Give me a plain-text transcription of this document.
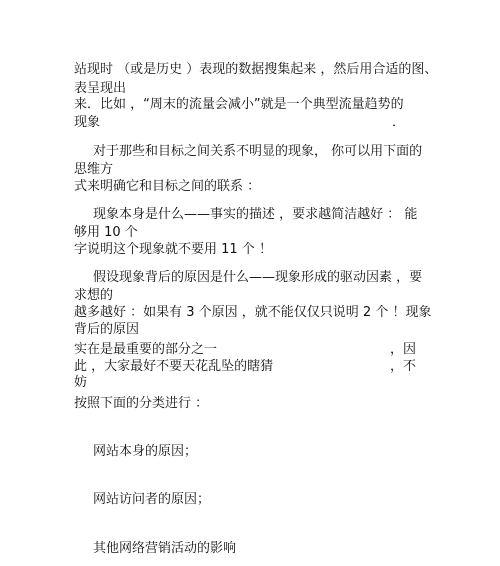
站现时 （或是历史 ）表现的数据搜集起来 ，然后用合适的图、

表呈现出

来．比如 ，“周末的流量会减小”就是一个典型流量趋势的

现象	．

对于那些和目标之间关系不明显的现象， 你可以用下面的

思维方

式来明确它和目标之间的联系 ：

现象本身是什么——事实的描述 ，要求越简洁越好 ： 能

够用 10 个

字说明这个现象就不要用 11 个 ！

假设现象背后的原因是什么——现象形成的驱动因素 ，要

求想的

越多越好 ：如果有 3 个原因 ，就不能仅仅只说明 2 个 ！现象

背后的原因

实在是最重要的部分之一	，因

此 ，大家最好不要天花乱坠的瞎猜	，不

妨

按照下面的分类进行 ：

网站本身的原因；

网站访问者的原因；

其他网络营销活动的影响
